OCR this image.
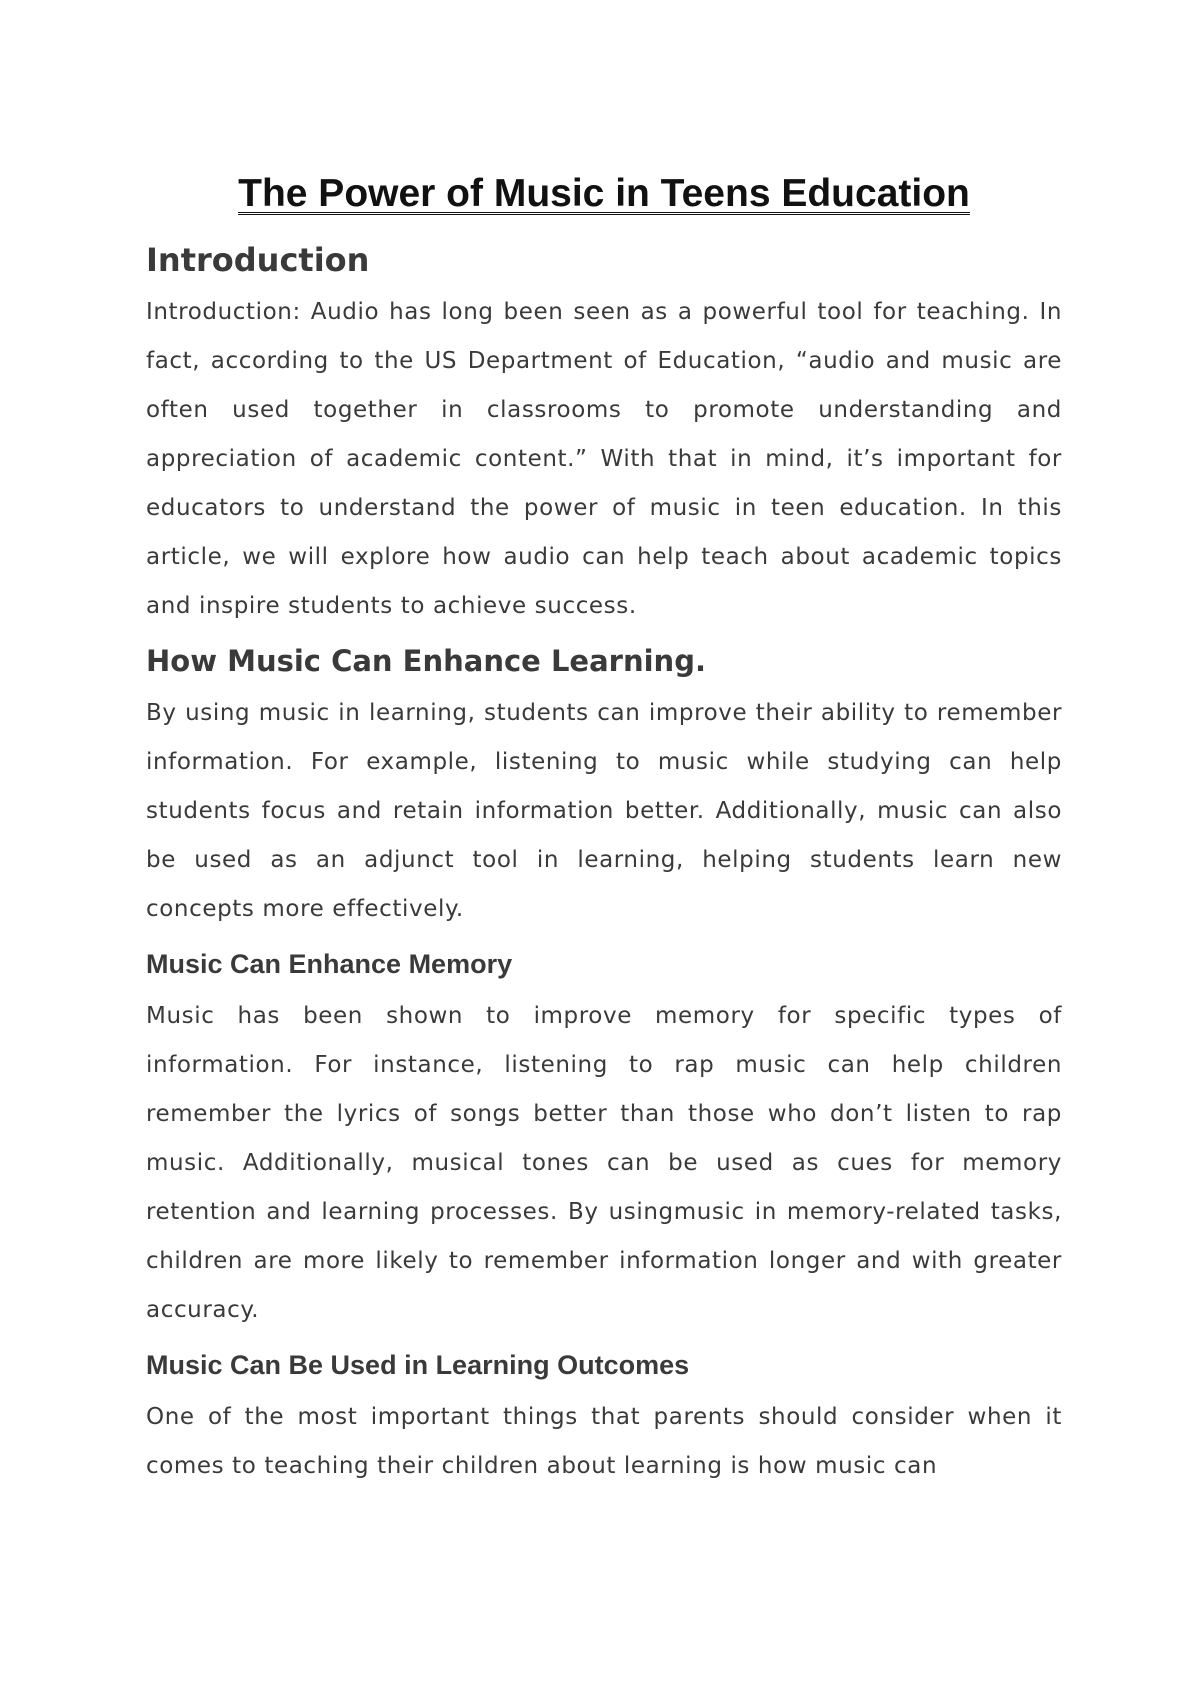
The Power of Music in Teens Education
Introduction

Introduction: Audio has long been seen as a powerful tool for teaching. In fact, according to the US Department of Education, “audio and music are often used together in classrooms to promote understanding and appreciation of academic content.” With that in mind, it’s important for educators to understand the power of music in teen education. In this article, we will explore how audio can help teach about academic topics and inspire students to achieve success.

How Music Can Enhance Learning.

By using music in learning, students can improve their ability to remember information. For example, listening to music while studying can help students focus and retain information better. Additionally, music can also be used as an adjunct tool in learning, helping students learn new concepts more effectively.

Music Can Enhance Memory

Music has been shown to improve memory for specific types of information. For instance, listening to rap music can help children remember the lyrics of songs better than those who don’t listen to rap music. Additionally, musical tones can be used as cues for memory retention and learning processes. By usingmusic in memory-related tasks, children are more likely to remember information longer and with greater accuracy.

Music Can Be Used in Learning Outcomes

One of the most important things that parents should consider when it comes to teaching their children about learning is how music can
